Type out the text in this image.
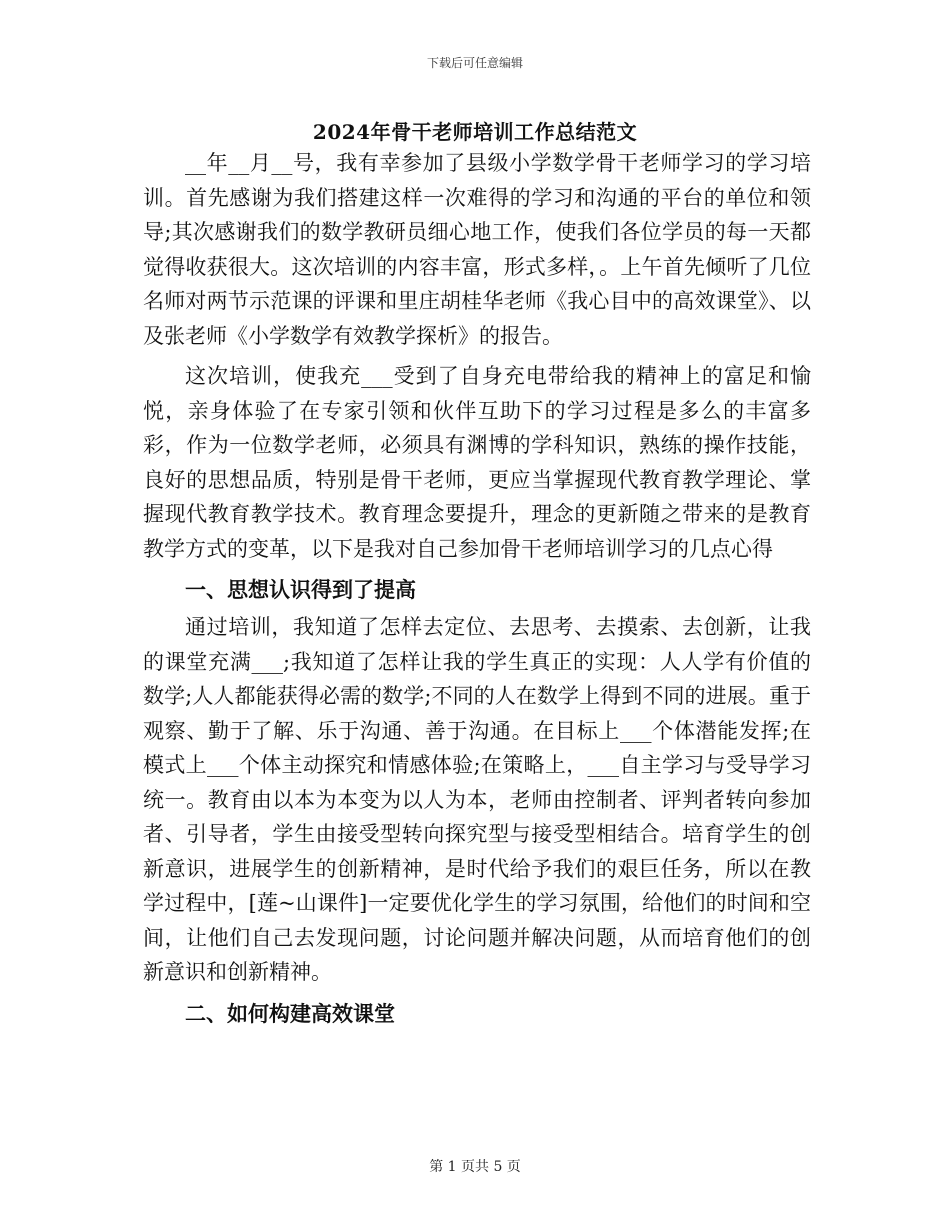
下载后可任意编辑
2024年骨干老师培训工作总结范文

__年__月__号，我有幸参加了县级小学数学骨干老师学习的学习培训。首先感谢为我们搭建这样一次难得的学习和沟通的平台的单位和领导;其次感谢我们的数学教研员细心地工作，使我们各位学员的每一天都觉得收获很大。这次培训的内容丰富，形式多样，。上午首先倾听了几位名师对两节示范课的评课和里庄胡桂华老师《我心目中的高效课堂》、以及张老师《小学数学有效教学探析》的报告。

这次培训，使我充___受到了自身充电带给我的精神上的富足和愉悦，亲身体验了在专家引领和伙伴互助下的学习过程是多么的丰富多彩，作为一位数学老师，必须具有渊博的学科知识，熟练的操作技能，良好的思想品质，特别是骨干老师，更应当掌握现代教育教学理论、掌握现代教育教学技术。教育理念要提升，理念的更新随之带来的是教育教学方式的变革，以下是我对自己参加骨干老师培训学习的几点心得

一、思想认识得到了提高

通过培训，我知道了怎样去定位、去思考、去摸索、去创新，让我的课堂充满___;我知道了怎样让我的学生真正的实现：人人学有价值的数学;人人都能获得必需的数学;不同的人在数学上得到不同的进展。重于观察、勤于了解、乐于沟通、善于沟通。在目标上___个体潜能发挥;在模式上___个体主动探究和情感体验;在策略上，___自主学习与受导学习统一。教育由以本为本变为以人为本，老师由控制者、评判者转向参加者、引导者，学生由接受型转向探究型与接受型相结合。培育学生的创新意识，进展学生的创新精神，是时代给予我们的艰巨任务，所以在教学过程中，[莲~山课件]一定要优化学生的学习氛围，给他们的时间和空间，让他们自己去发现问题，讨论问题并解决问题，从而培育他们的创新意识和创新精神。

二、如何构建高效课堂

第 1 页共 5 页
